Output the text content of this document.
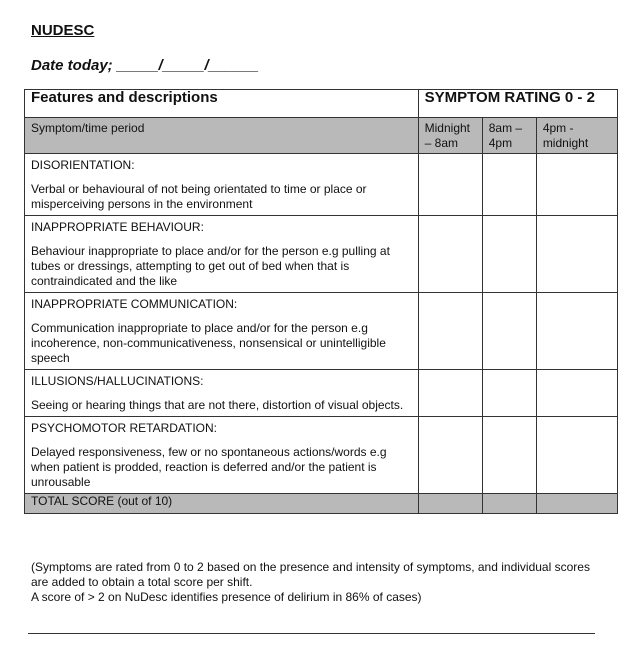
NUDESC
Date today; _____/_____/______
Features and descriptions	SYMPTOM RATING 0 - 2		

Symptom/time period	Midnight – 8am	8am – 4pm	4pm - midnight

DISORIENTATION:
Verbal or behavioural of not being orientated to time or place or misperceiving persons in the environment			

INAPPROPRIATE BEHAVIOUR:
Behaviour inappropriate to place and/or for the person e.g pulling at tubes or dressings, attempting to get out of bed when that is contraindicated and the like			

INAPPROPRIATE COMMUNICATION:
Communication inappropriate to place and/or for the person e.g incoherence, non-communicativeness, nonsensical or unintelligible speech			

ILLUSIONS/HALLUCINATIONS:
Seeing or hearing things that are not there, distortion of visual objects.			

PSYCHOMOTOR RETARDATION:
Delayed responsiveness, few or no spontaneous actions/words e.g when patient is prodded, reaction is deferred and/or the patient is unrousable			

TOTAL SCORE (out of 10)			

(Symptoms are rated from 0 to 2 based on the presence and intensity of symptoms, and individual scores are added to obtain a total score per shift.
A score of > 2 on NuDesc identifies presence of delirium in 86% of cases)
